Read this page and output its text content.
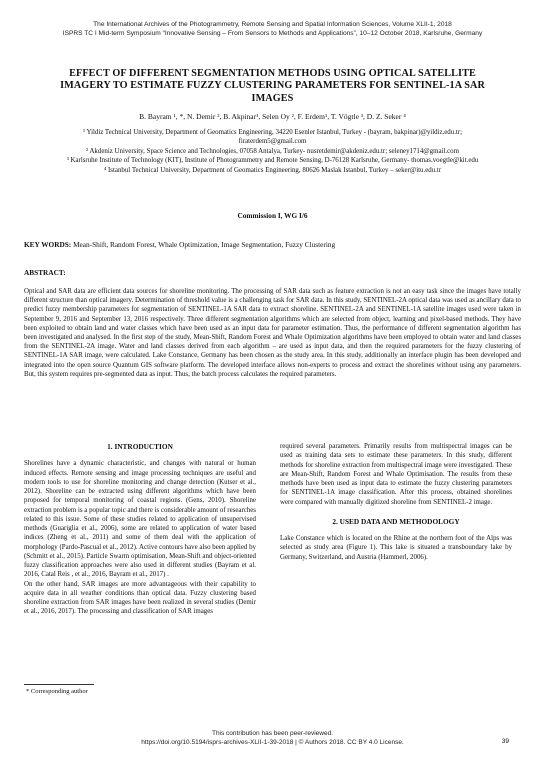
The International Archives of the Photogrammetry, Remote Sensing and Spatial Information Sciences, Volume XLII-1, 2018
ISPRS TC I Mid-term Symposium “Innovative Sensing – From Sensors to Methods and Applications”, 10–12 October 2018, Karlsruhe, Germany
EFFECT OF DIFFERENT SEGMENTATION METHODS USING OPTICAL SATELLITE IMAGERY TO ESTIMATE FUZZY CLUSTERING PARAMETERS FOR SENTINEL-1A SAR IMAGES
B. Bayram ¹, *, N. Demir ², B. Akpinar¹, Selen Oy ², F. Erdem¹, T. Vögtle ³, D. Z. Seker ⁴

¹ Yildiz Technical University, Department of Geomatics Engineering, 34220 Esenler Istanbul, Turkey - (bayram, bakpinar)@yildiz.edu.tr; firaterdem5@gmail.com

² Akdeniz University, Space Science and Technologies, 07058 Antalya, Turkey- nusretdemir@akdeniz.edu.tr; seleney1714@gmail.com

³ Karlsruhe Institute of Technology (KIT), Institute of Photogrammetry and Remote Sensing, D-76128 Karlsruhe, Germany- thomas.voegtle@kit.edu

⁴ Istanbul Technical University, Department of Geomatics Engineering, 80626 Maslak Istanbul, Turkey – seker@itu.edu.tr

Commission I, WG I/6
KEY WORDS: Mean-Shift, Random Forest, Whale Optimization, Image Segmentation, Fuzzy Clustering
ABSTRACT:
Optical and SAR data are efficient data sources for shoreline monitoring. The processing of SAR data such as feature extraction is not an easy task since the images have totally different structure than optical imagery. Determination of threshold value is a challenging task for SAR data. In this study, SENTINEL-2A optical data was used as ancillary data to predict fuzzy membership parameters for segmentation of SENTINEL-1A SAR data to extract shoreline. SENTINEL-2A and SENTINEL-1A satellite images used were taken in September 9, 2016 and September 13, 2016 respectively. Three different segmentation algorithms which are selected from object, learning and pixel-based methods. They have been exploited to obtain land and water classes which have been used as an input data for parameter estimation. Thus, the performance of different segmentation algorithm has been investigated and analysed. In the first step of the study, Mean-Shift, Random Forest and Whale Optimization algorithms have been employed to obtain water and land classes from the SENTINEL-2A image. Water and land classes derived from each algorithm – are used as input data, and then the required parameters for the fuzzy clustering of SENTINEL-1A SAR image, were calculated. Lake Constance, Germany has been chosen as the study area. In this study, additionally an interface plugin has been developed and integrated into the open source Quantum GIS software platform. The developed interface allows non-experts to process and extract the shorelines without using any parameters. But, this system requires pre-segmented data as input. Thus, the batch process calculates the required parameters.
1. INTRODUCTION

Shorelines have a dynamic characteristic, and changes with natural or human induced effects. Remote sensing and image processing techniques are useful and modern tools to use for shoreline monitoring and change detection (Kutser et al., 2012). Shoreline can be extracted using different algorithms which have been proposed for temporal monitoring of coastal regions. (Gens, 2010). Shoreline extraction problem is a popular topic and there is considerable amount of researches related to this issue. Some of these studies related to application of unsupervised methods (Guariglia et al., 2006), some are related to application of water based indices (Zheng et al., 2011) and some of them deal with the application of morphology (Pardo-Pascual et al., 2012). Active contours have also been applied by (Schmitt et al., 2015). Particle Swarm optimisation, Mean-Shift and object-oriented fuzzy classification approaches were also used in different studies (Bayram et al. 2016, Catal Reis , et al., 2016, Bayram et al., 2017) .

On the other hand, SAR images are more advantageous with their capability to acquire data in all weather conditions than optical data. Fuzzy clustering based shoreline extraction from SAR images have been realized in several studies (Demir et al., 2016, 2017). The processing and classification of SAR images

required several parameters. Primarily results from multispectral images can be used as training data sets to estimate these parameters. In this study, different methods for shoreline extraction from multispectral image were investigated. These are Mean-Shift, Random Forest and Whale Optimisation. The results from these methods have been used as input data to estimate the fuzzy clustering parameters for SENTINEL-1A image classification. After this process, obtained shorelines were compared with manually digitized shoreline from SENTINEL-2 image.

2. USED DATA AND METHODOLOGY

Lake Constance which is located on the Rhine at the northern foot of the Alps was selected as study area (Figure 1). This lake is situated a transboundary lake by Germany, Switzerland, and Austria (Hammerl, 2006).

* Corresponding author
This contribution has been peer-reviewed.
https://doi.org/10.5194/isprs-archives-XLII-1-39-2018 | © Authors 2018. CC BY 4.0 License.	39
